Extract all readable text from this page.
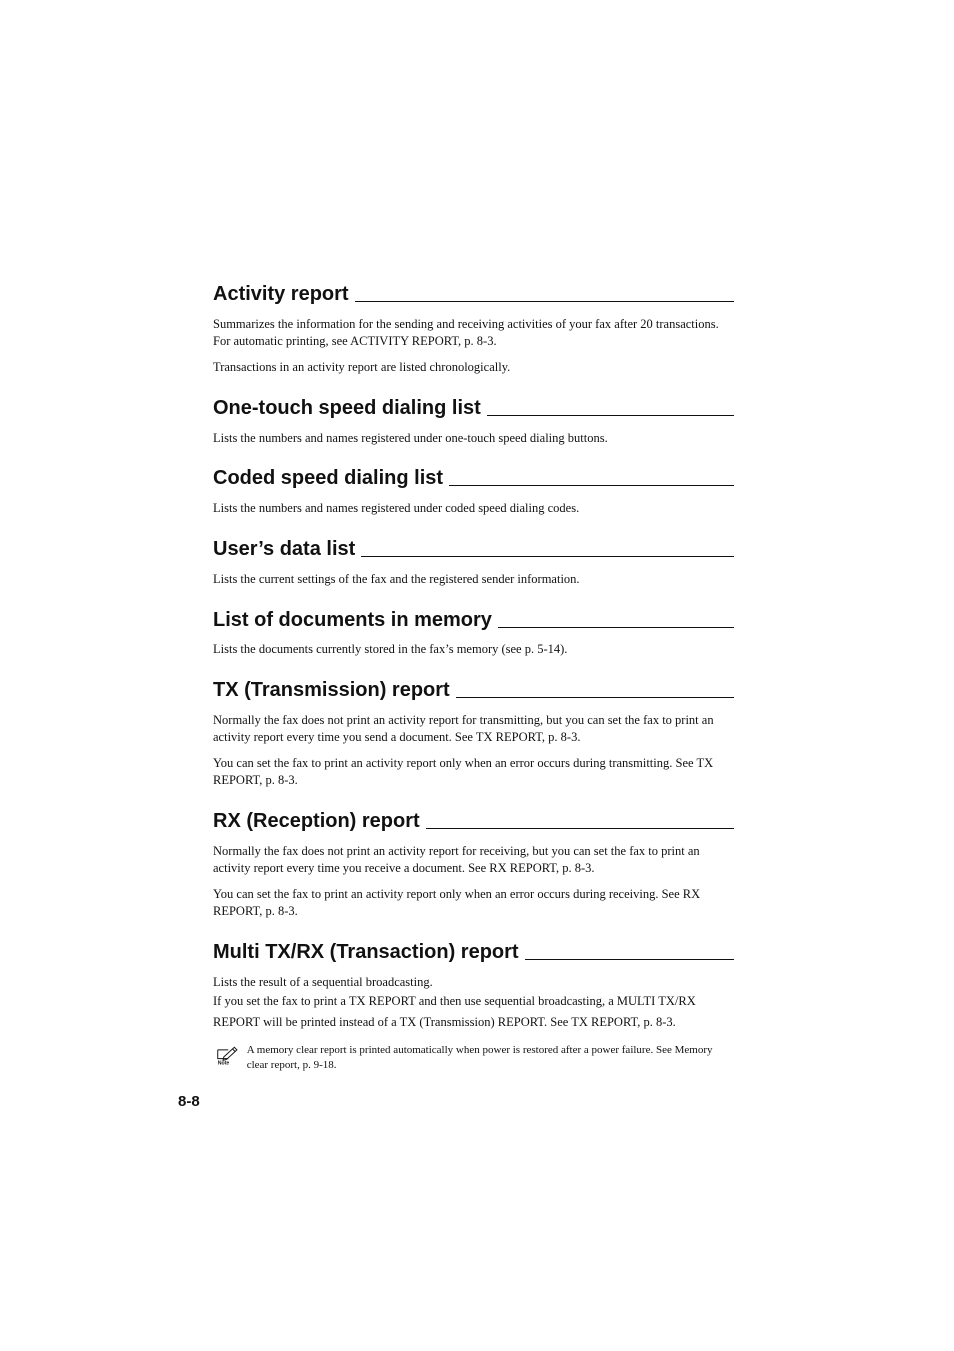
Activity report

Summarizes the information for the sending and receiving activities of your fax after 20 transactions. For automatic printing, see ACTIVITY REPORT, p. 8-3.

Transactions in an activity report are listed chronologically.

One-touch speed dialing list

Lists the numbers and names registered under one-touch speed dialing buttons.

Coded speed dialing list

Lists the numbers and names registered under coded speed dialing codes.

User’s data list

Lists the current settings of the fax and the registered sender information.

List of documents in memory

Lists the documents currently stored in the fax’s memory (see p. 5-14).

TX (Transmission) report

Normally the fax does not print an activity report for transmitting, but you can set the fax to print an activity report every time you send a document. See TX REPORT, p. 8-3.

You can set the fax to print an activity report only when an error occurs during transmitting. See TX REPORT, p. 8-3.

RX (Reception) report

Normally the fax does not print an activity report for receiving, but you can set the fax to print an activity report every time you receive a document. See RX REPORT, p. 8-3.

You can set the fax to print an activity report only when an error occurs during receiving. See RX REPORT, p. 8-3.

Multi TX/RX (Transaction) report

Lists the result of a sequential broadcasting.

If you set the fax to print a TX REPORT and then use sequential broadcasting, a MULTI TX/RX REPORT will be printed instead of a TX (Transmission) REPORT. See TX REPORT, p. 8-3.

Note
A memory clear report is printed automatically when power is restored after a power failure. See Memory clear report, p. 9-18.
8-8
